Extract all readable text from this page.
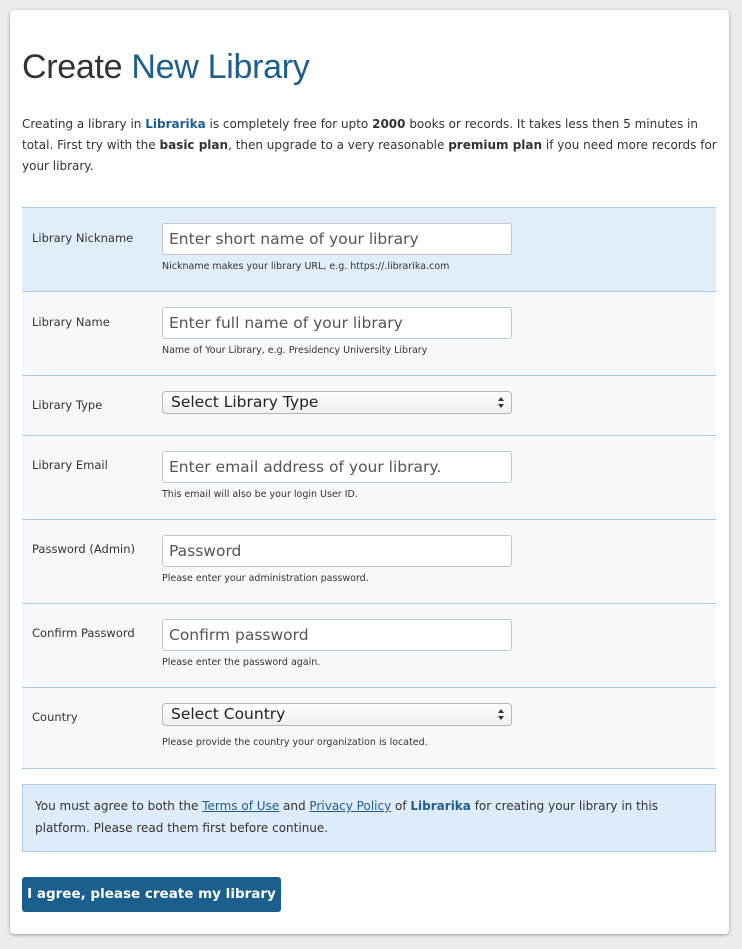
Create New Library

Creating a library in Librarika is completely free for upto 2000 books or records. It takes less then 5 minutes in total. First try with the basic plan, then upgrade to a very reasonable premium plan if you need more records for your library.

Library Nickname	Enter short name of your library
Nickname makes your library URL, e.g. https://.librarika.com
Library Name	Enter full name of your library
Name of Your Library, e.g. Presidency University Library
Library Type	Select Library Type
Library Email	Enter email address of your library.
This email will also be your login User ID.
Password (Admin)	Password
Please enter your administration password.
Confirm Password	Confirm password
Please enter the password again.
Country	Select Country
Please provide the country your organization is located.
You must agree to both the Terms of Use and Privacy Policy of Librarika for creating your library in this platform. Please read them first before continue.
I agree, please create my library
